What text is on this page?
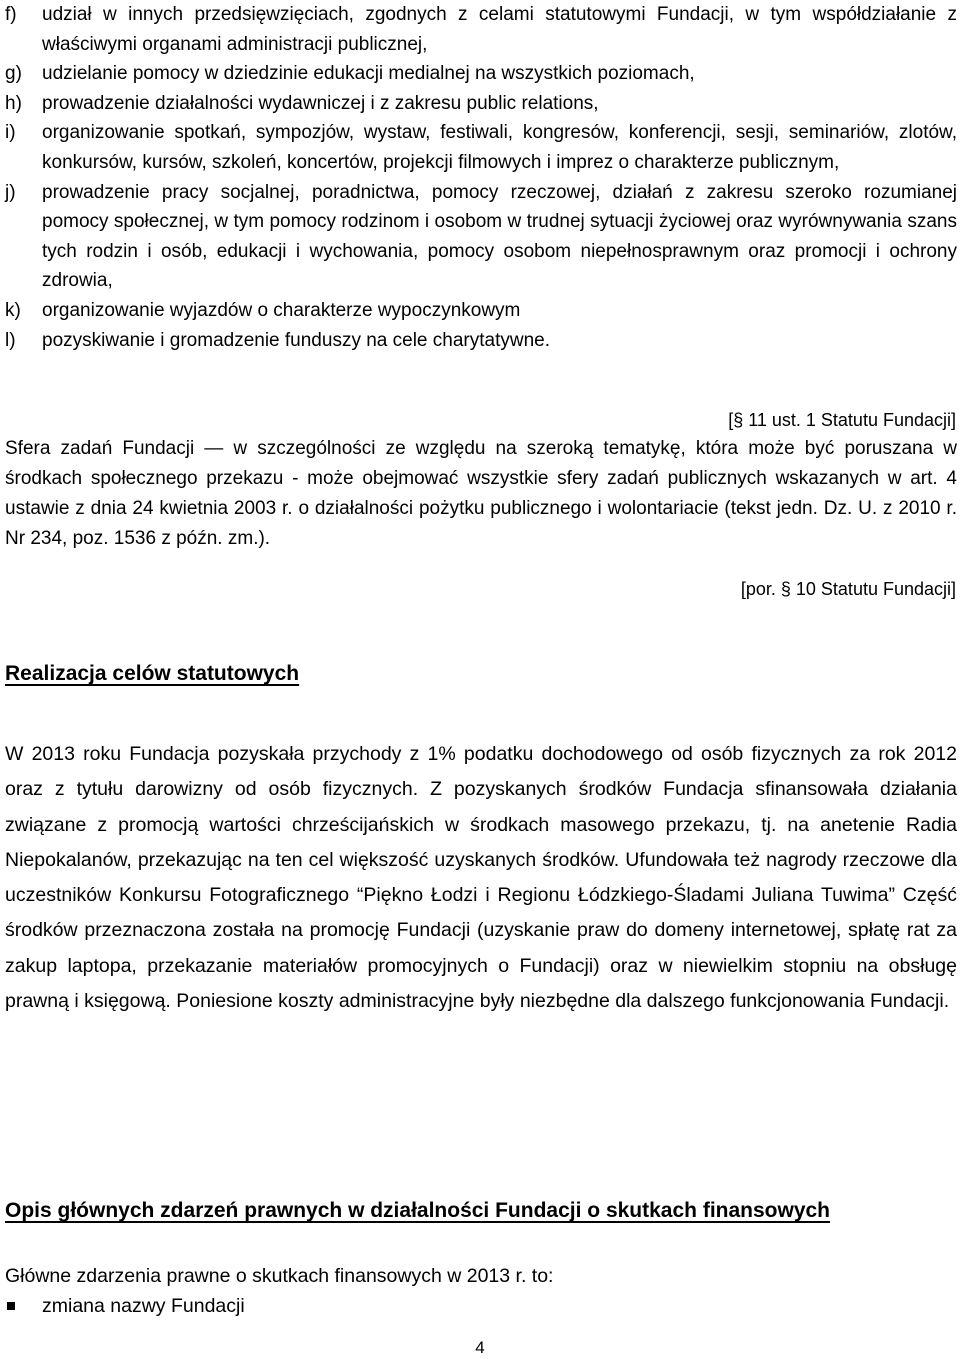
f) udział w innych przedsięwzięciach, zgodnych z celami statutowymi Fundacji, w tym współdziałanie z właściwymi organami administracji publicznej,
g) udzielanie pomocy w dziedzinie edukacji medialnej na wszystkich poziomach,
h) prowadzenie działalności wydawniczej i z zakresu public relations,
i) organizowanie spotkań, sympozjów, wystaw, festiwali, kongresów, konferencji, sesji, seminariów, zlotów, konkursów, kursów, szkoleń, koncertów, projekcji filmowych i imprez o charakterze publicznym,
j) prowadzenie pracy socjalnej, poradnictwa, pomocy rzeczowej, działań z zakresu szeroko rozumianej pomocy społecznej, w tym pomocy rodzinom i osobom w trudnej sytuacji życiowej oraz wyrównywania szans tych rodzin i osób, edukacji i wychowania, pomocy osobom niepełnosprawnym oraz promocji i ochrony zdrowia,
k) organizowanie wyjazdów o charakterze wypoczynkowym
l) pozyskiwanie i gromadzenie funduszy na cele charytatywne.
[§ 11 ust. 1 Statutu Fundacji]
Sfera zadań Fundacji — w szczególności ze względu na szeroką tematykę, która może być poruszana w środkach społecznego przekazu - może obejmować wszystkie sfery zadań publicznych wskazanych w art. 4 ustawie z dnia 24 kwietnia 2003 r. o działalności pożytku publicznego i wolontariacie (tekst jedn. Dz. U. z 2010 r. Nr 234, poz. 1536 z późn. zm.).
[por. § 10 Statutu Fundacji]
Realizacja celów statutowych
W 2013 roku Fundacja pozyskała przychody z 1% podatku dochodowego od osób fizycznych za rok 2012 oraz z tytułu darowizny od osób fizycznych. Z pozyskanych środków Fundacja sfinansowała działania związane z promocją wartości chrześcijańskich w środkach masowego przekazu, tj. na anetenie Radia Niepokalanów, przekazując na ten cel większość uzyskanych środków. Ufundowała też nagrody rzeczowe dla uczestników Konkursu Fotograficznego “Piękno Łodzi i Regionu Łódzkiego-Śladami Juliana Tuwima” Część środków przeznaczona została na promocję Fundacji (uzyskanie praw do domeny internetowej, spłatę rat za zakup laptopa, przekazanie materiałów promocyjnych o Fundacji) oraz w niewielkim stopniu na obsługę prawną i księgową. Poniesione koszty administracyjne były niezbędne dla dalszego funkcjonowania Fundacji.
Opis głównych zdarzeń prawnych w działalności Fundacji o skutkach finansowych
Główne zdarzenia prawne o skutkach finansowych w 2013 r. to:
zmiana nazwy Fundacji
4
